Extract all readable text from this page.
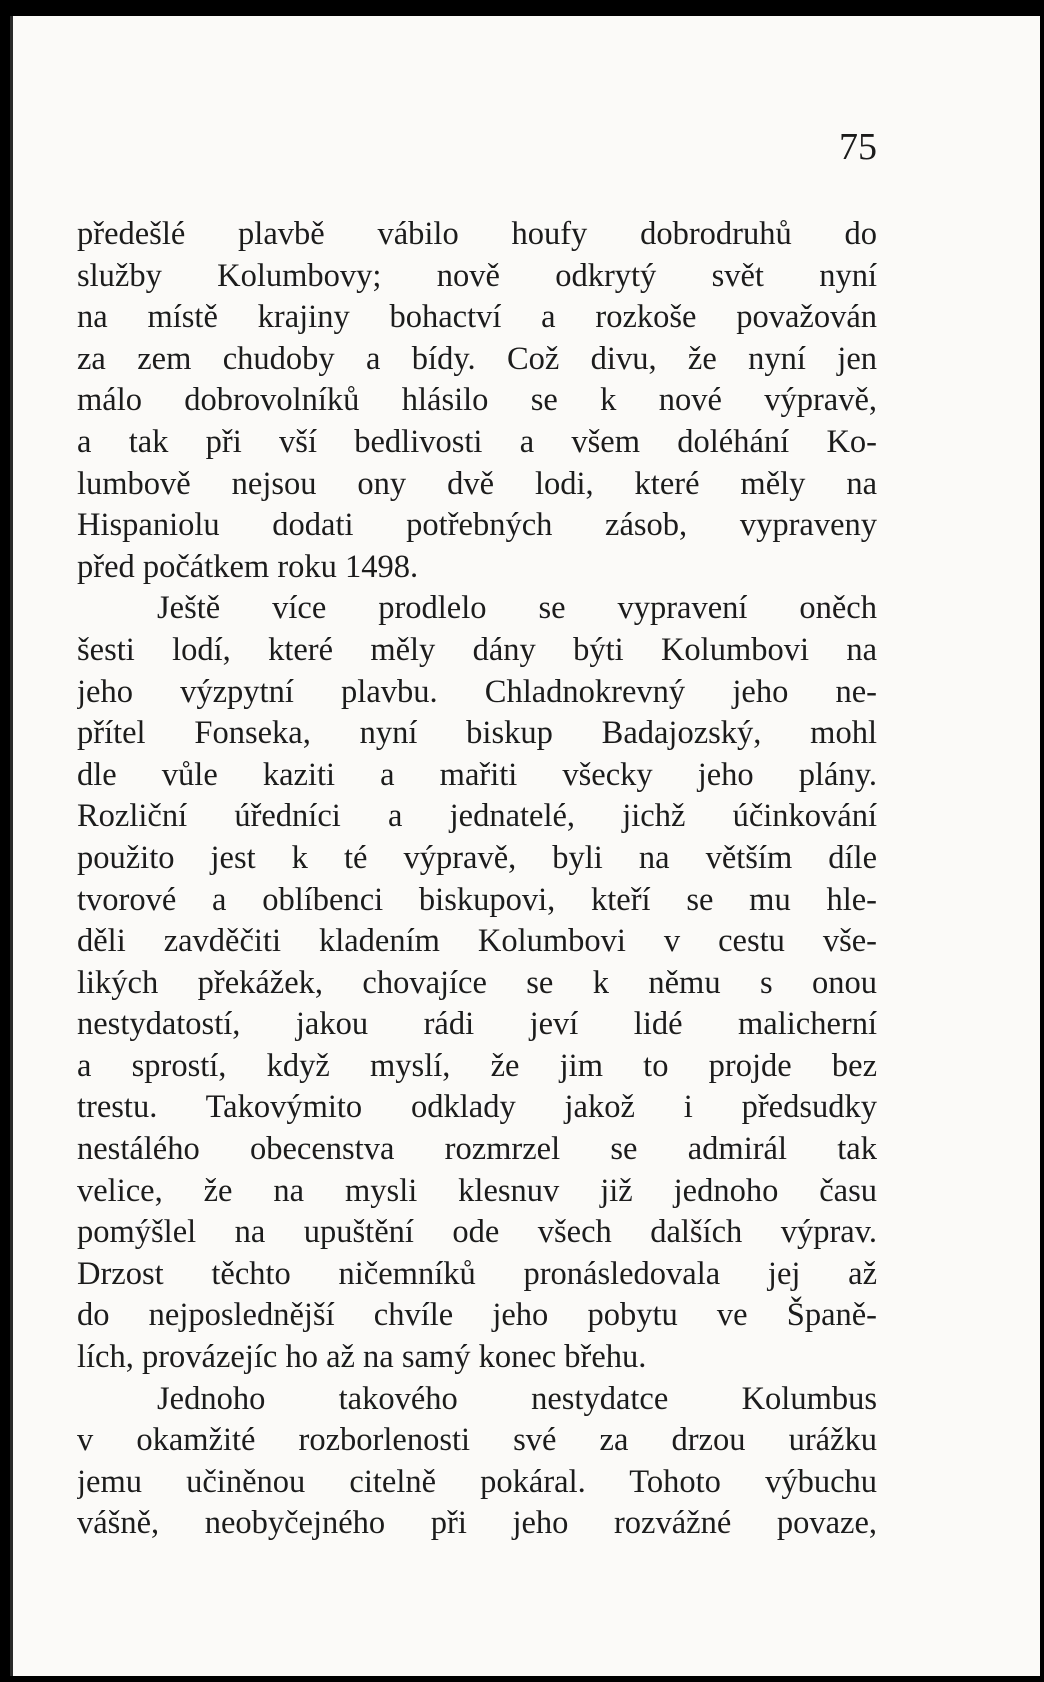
75
předešlé plavbě vábilo houfy dobrodruhů do
služby Kolumbovy; nově odkrytý svět nyní
na místě krajiny bohactví a rozkoše považován
za zem chudoby a bídy. Což divu, že nyní jen
málo dobrovolníků hlásilo se k nové výpravě,
a tak při vší bedlivosti a všem doléhání Ko-
lumbově nejsou ony dvě lodi, které měly na
Hispaniolu dodati potřebných zásob, vypraveny
před počátkem roku 1498.
Ještě více prodlelo se vypravení oněch
šesti lodí, které měly dány býti Kolumbovi na
jeho výzpytní plavbu. Chladnokrevný jeho ne-
přítel Fonseka, nyní biskup Badajozský, mohl
dle vůle kaziti a mařiti všecky jeho plány.
Rozliční úředníci a jednatelé, jichž účinkování
použito jest k té výpravě, byli na větším díle
tvorové a oblíbenci biskupovi, kteří se mu hle-
děli zavděčiti kladením Kolumbovi v cestu vše-
likých překážek, chovajíce se k němu s onou
nestydatostí, jakou rádi jeví lidé malicherní
a sprostí, když myslí, že jim to projde bez
trestu. Takovýmito odklady jakož i předsudky
nestálého obecenstva rozmrzel se admirál tak
velice, že na mysli klesnuv již jednoho času
pomýšlel na upuštění ode všech dalších výprav.
Drzost těchto ničemníků pronásledovala jej až
do nejposlednější chvíle jeho pobytu ve Španě-
lích, provázejíc ho až na samý konec břehu.
Jednoho takového nestydatce Kolumbus
v okamžité rozborlenosti své za drzou urážku
jemu učiněnou citelně pokáral. Tohoto výbuchu
vášně, neobyčejného při jeho rozvážné povaze,
